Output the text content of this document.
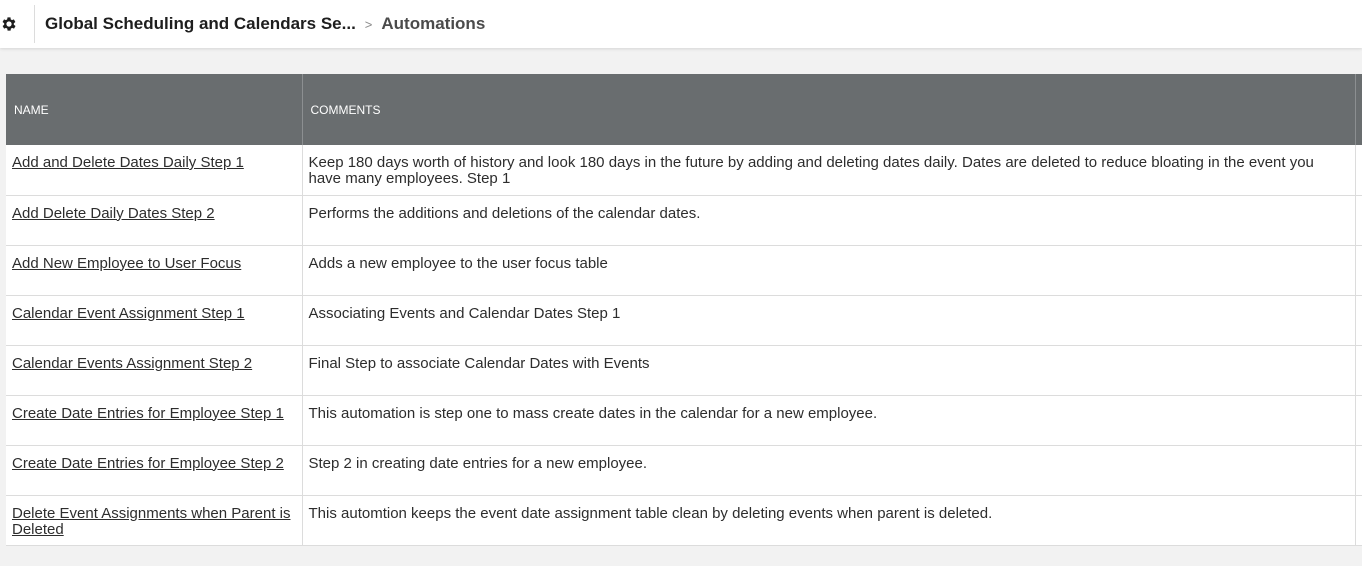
Global Scheduling and Calendars Se... > Automations
NAME	COMMENTS	
Add and Delete Dates Daily Step 1	Keep 180 days worth of history and look 180 days in the future by adding and deleting dates daily. Dates are deleted to reduce bloating in the event you have many employees. Step 1	
Add Delete Daily Dates Step 2	Performs the additions and deletions of the calendar dates.	
Add New Employee to User Focus	Adds a new employee to the user focus table	
Calendar Event Assignment Step 1	Associating Events and Calendar Dates Step 1	
Calendar Events Assignment Step 2	Final Step to associate Calendar Dates with Events	
Create Date Entries for Employee Step 1	This automation is step one to mass create dates in the calendar for a new employee.	
Create Date Entries for Employee Step 2	Step 2 in creating date entries for a new employee.	
Delete Event Assignments when Parent is Deleted	This automtion keeps the event date assignment table clean by deleting events when parent is deleted.	
